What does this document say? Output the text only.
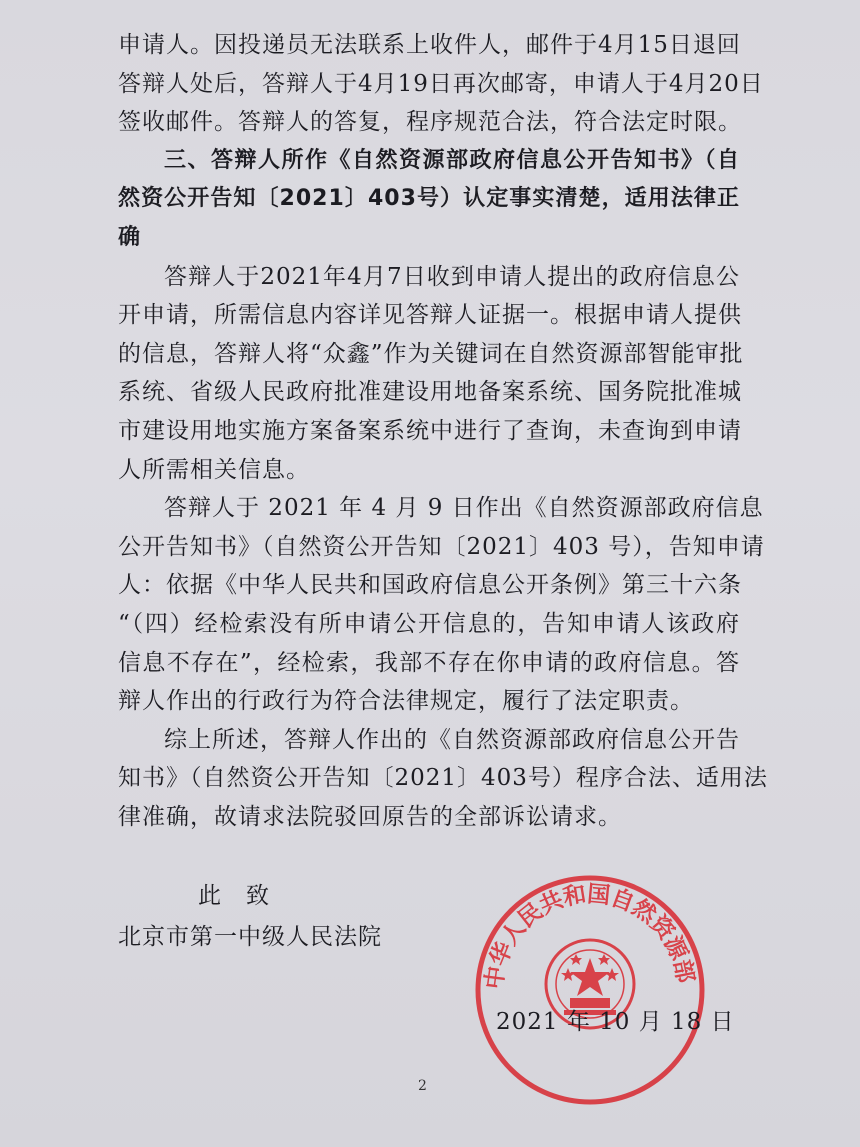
申请人。因投递员无法联系上收件人，邮件于4月15日退回
答辩人处后，答辩人于4月19日再次邮寄，申请人于4月20日
签收邮件。答辩人的答复，程序规范合法，符合法定时限。
三、答辩人所作《自然资源部政府信息公开告知书》（自
然资公开告知〔2021〕403号）认定事实清楚，适用法律正
确
答辩人于2021年4月7日收到申请人提出的政府信息公
开申请，所需信息内容详见答辩人证据一。根据申请人提供
的信息，答辩人将“众鑫”作为关键词在自然资源部智能审批
系统、省级人民政府批准建设用地备案系统、国务院批准城
市建设用地实施方案备案系统中进行了查询，未查询到申请
人所需相关信息。
答辩人于 2021 年 4 月 9 日作出《自然资源部政府信息
公开告知书》（自然资公开告知〔2021〕403 号），告知申请
人：依据《中华人民共和国政府信息公开条例》第三十六条
“（四）经检索没有所申请公开信息的，告知申请人该政府
信息不存在”，经检索，我部不存在你申请的政府信息。答
辩人作出的行政行为符合法律规定，履行了法定职责。
综上所述，答辩人作出的《自然资源部政府信息公开告
知书》（自然资公开告知〔2021〕403号）程序合法、适用法
律准确，故请求法院驳回原告的全部诉讼请求。
此　致
北京市第一中级人民法院
中华人民共和国自然资源部
2021 年 10 月 18 日
2
